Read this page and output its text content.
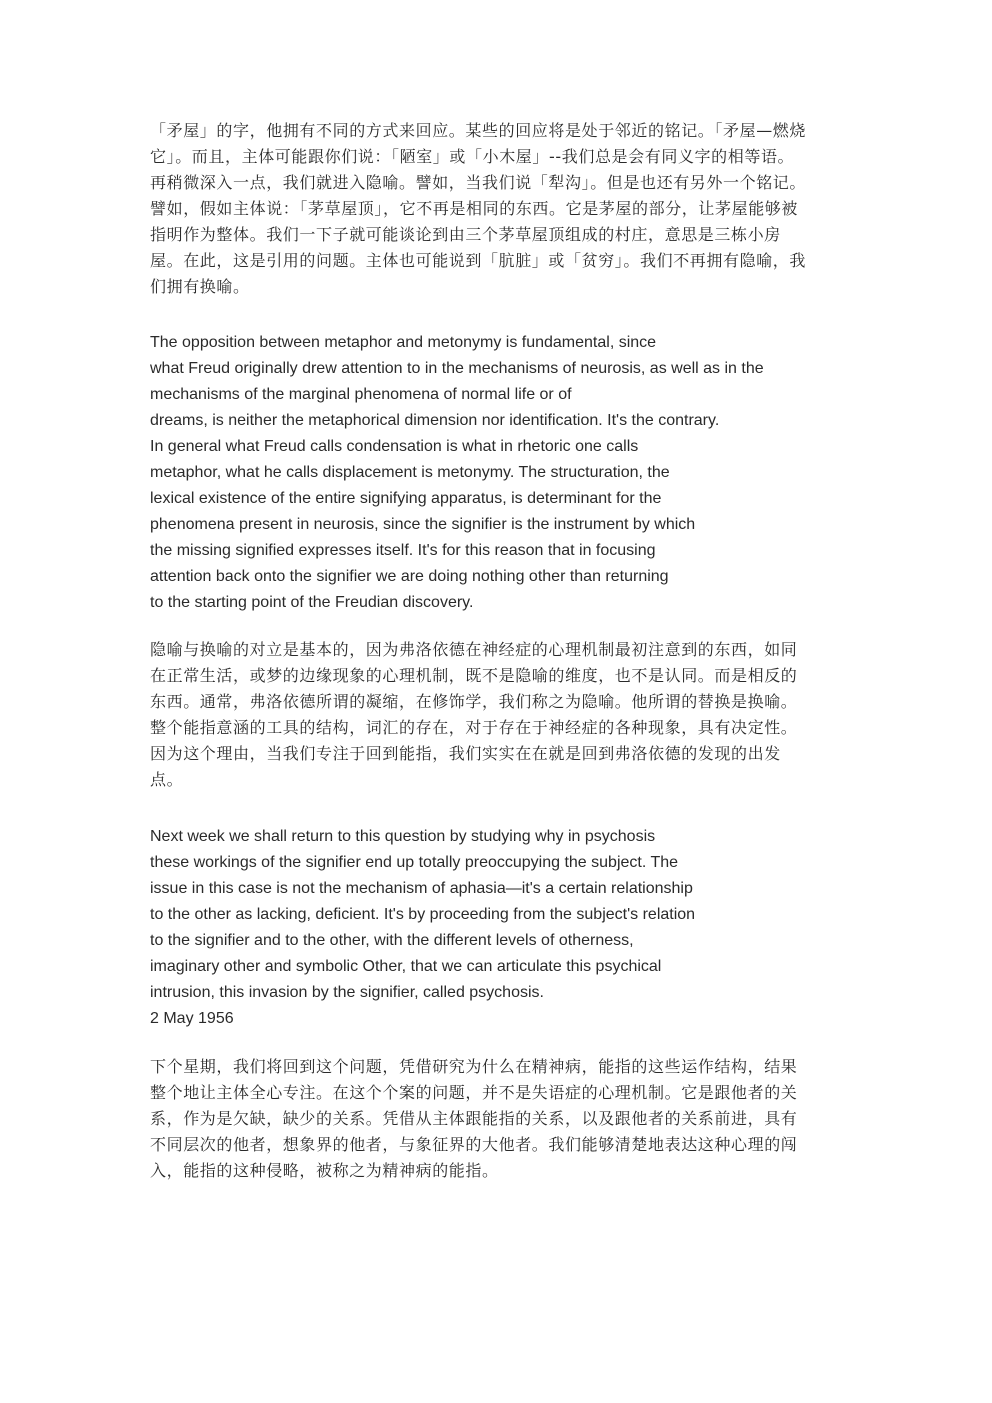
「矛屋」的字，他拥有不同的方式来回应。某些的回应将是处于邻近的铭记。「矛屋—燃烧
它」。而且，主体可能跟你们说：「陋室」或「小木屋」--我们总是会有同义字的相等语。
再稍微深入一点，我们就进入隐喻。譬如，当我们说「犁沟」。但是也还有另外一个铭记。
譬如，假如主体说：「茅草屋顶」，它不再是相同的东西。它是茅屋的部分，让茅屋能够被
指明作为整体。我们一下子就可能谈论到由三个茅草屋顶组成的村庄，意思是三栋小房
屋。在此，这是引用的问题。主体也可能说到「肮脏」或「贫穷」。我们不再拥有隐喻，我
们拥有换喻。
The opposition between metaphor and metonymy is fundamental, since
what Freud originally drew attention to in the mechanisms of neurosis, as well as in the
mechanisms of the marginal phenomena of normal life or of
dreams, is neither the metaphorical dimension nor identification. It's the contrary.
In general what Freud calls condensation is what in rhetoric one calls
metaphor, what he calls displacement is metonymy. The structuration, the
lexical existence of the entire signifying apparatus, is determinant for the
phenomena present in neurosis, since the signifier is the instrument by which
the missing signified expresses itself. It's for this reason that in focusing
attention back onto the signifier we are doing nothing other than returning
to the starting point of the Freudian discovery.
隐喻与换喻的对立是基本的，因为弗洛依德在神经症的心理机制最初注意到的东西，如同
在正常生活，或梦的边缘现象的心理机制，既不是隐喻的维度，也不是认同。而是相反的
东西。通常，弗洛依德所谓的凝缩，在修饰学，我们称之为隐喻。他所谓的替换是换喻。
整个能指意涵的工具的结构，词汇的存在，对于存在于神经症的各种现象，具有决定性。
因为这个理由，当我们专注于回到能指，我们实实在在就是回到弗洛依德的发现的出发
点。
Next week we shall return to this question by studying why in psychosis
these workings of the signifier end up totally preoccupying the subject. The
issue in this case is not the mechanism of aphasia—it's a certain relationship
to the other as lacking, deficient. It's by proceeding from the subject's relation
to the signifier and to the other, with the different levels of otherness,
imaginary other and symbolic Other, that we can articulate this psychical
intrusion, this invasion by the signifier, called psychosis.
2 May 1956
下个星期，我们将回到这个问题，凭借研究为什么在精神病，能指的这些运作结构，结果
整个地让主体全心专注。在这个个案的问题，并不是失语症的心理机制。它是跟他者的关
系，作为是欠缺，缺少的关系。凭借从主体跟能指的关系，以及跟他者的关系前进，具有
不同层次的他者，想象界的他者，与象征界的大他者。我们能够清楚地表达这种心理的闯
入，能指的这种侵略，被称之为精神病的能指。
